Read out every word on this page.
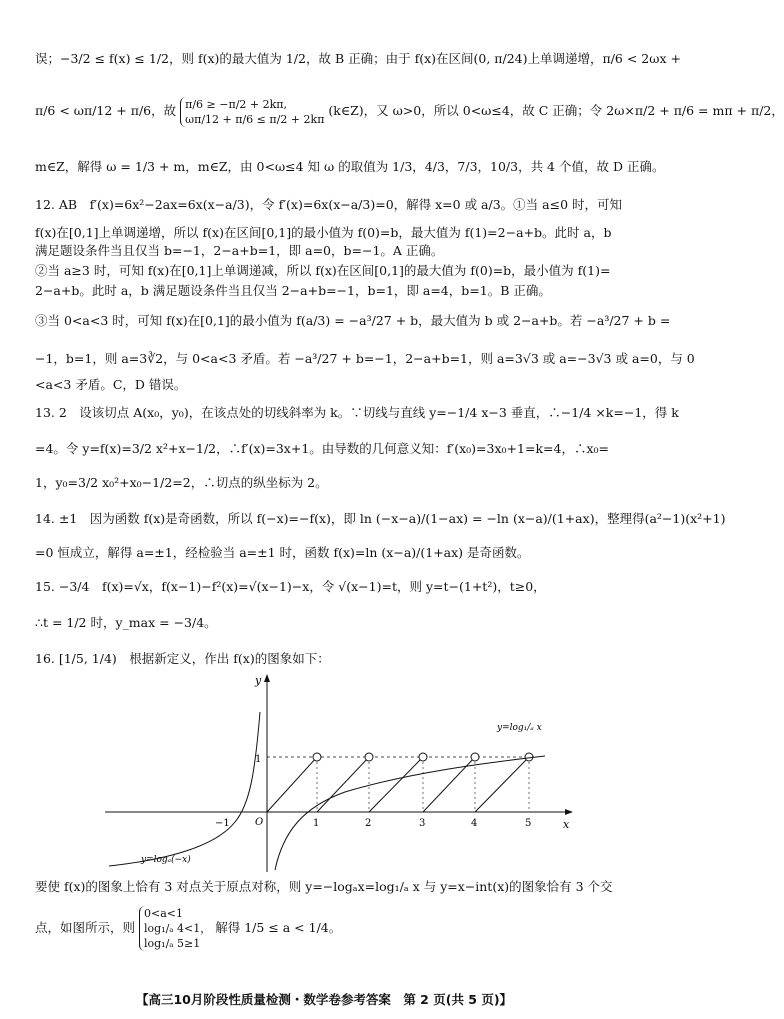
误；−3/2 ≤ f(x) ≤ 1/2，则 f(x)的最大值为 1/2，故 B 正确；由于 f(x)在区间(0, π/24)上单调递增，π/6 < 2ωx +
π/6 < ωπ/12 + π/6，故 π/6 ≥ −π/2 + 2kπ,
ωπ/12 + π/6 ≤ π/2 + 2kπ
(k∈Z)，又 ω>0，所以 0<ω≤4，故 C 正确；令 2ω×π/2 + π/6 = mπ + π/2，
m∈Z，解得 ω = 1/3 + m，m∈Z，由 0<ω≤4 知 ω 的取值为 1/3，4/3，7/3，10/3，共 4 个值，故 D 正确。
12. AB　f′(x)=6x²−2ax=6x(x−a/3)，令 f′(x)=6x(x−a/3)=0，解得 x=0 或 a/3。①当 a≤0 时，可知
f(x)在[0,1]上单调递增，所以 f(x)在区间[0,1]的最小值为 f(0)=b，最大值为 f(1)=2−a+b。此时 a，b
满足题设条件当且仅当 b=−1，2−a+b=1，即 a=0，b=−1。A 正确。
②当 a≥3 时，可知 f(x)在[0,1]上单调递减，所以 f(x)在区间[0,1]的最大值为 f(0)=b，最小值为 f(1)=
2−a+b。此时 a，b 满足题设条件当且仅当 2−a+b=−1，b=1，即 a=4，b=1。B 正确。
③当 0<a<3 时，可知 f(x)在[0,1]的最小值为 f(a/3) = −a³/27 + b，最大值为 b 或 2−a+b。若 −a³/27 + b =
−1，b=1，则 a=3∛2，与 0<a<3 矛盾。若 −a³/27 + b=−1，2−a+b=1，则 a=3√3 或 a=−3√3 或 a=0，与 0
<a<3 矛盾。C，D 错误。
13. 2　设该切点 A(x₀，y₀)，在该点处的切线斜率为 k。∵切线与直线 y=−1/4 x−3 垂直，∴−1/4 ×k=−1，得 k
=4。令 y=f(x)=3/2 x²+x−1/2，∴f′(x)=3x+1。由导数的几何意义知：f′(x₀)=3x₀+1=k=4，∴x₀=
1，y₀=3/2 x₀²+x₀−1/2=2，∴切点的纵坐标为 2。
14. ±1　因为函数 f(x)是奇函数，所以 f(−x)=−f(x)，即 ln (−x−a)/(1−ax) = −ln (x−a)/(1+ax)，整理得(a²−1)(x²+1)
=0 恒成立，解得 a=±1，经检验当 a=±1 时，函数 f(x)=ln (x−a)/(1+ax) 是奇函数。
15. −3/4　f(x)=√x，f(x−1)−f²(x)=√(x−1)−x，令 √(x−1)=t，则 y=t−(1+t²)，t≥0，
∴t = 1/2 时，y_max = −3/4。
16. [1/5, 1/4)　根据新定义，作出 f(x)的图象如下：
y
x
1
O
−1	1	2	3	4	5
y=log₁/ₐ x
y=logₐ(−x)
要使 f(x)的图象上恰有 3 对点关于原点对称，则 y=−logₐx=log₁/ₐ x 与 y=x−int(x)的图象恰有 3 个交
点，如图所示，则
0<a<1
log₁/ₐ 4<1，
log₁/ₐ 5≥1
解得 1/5 ≤ a < 1/4。
【高三10月阶段性质量检测・数学卷参考答案　第 2 页(共 5 页)】
